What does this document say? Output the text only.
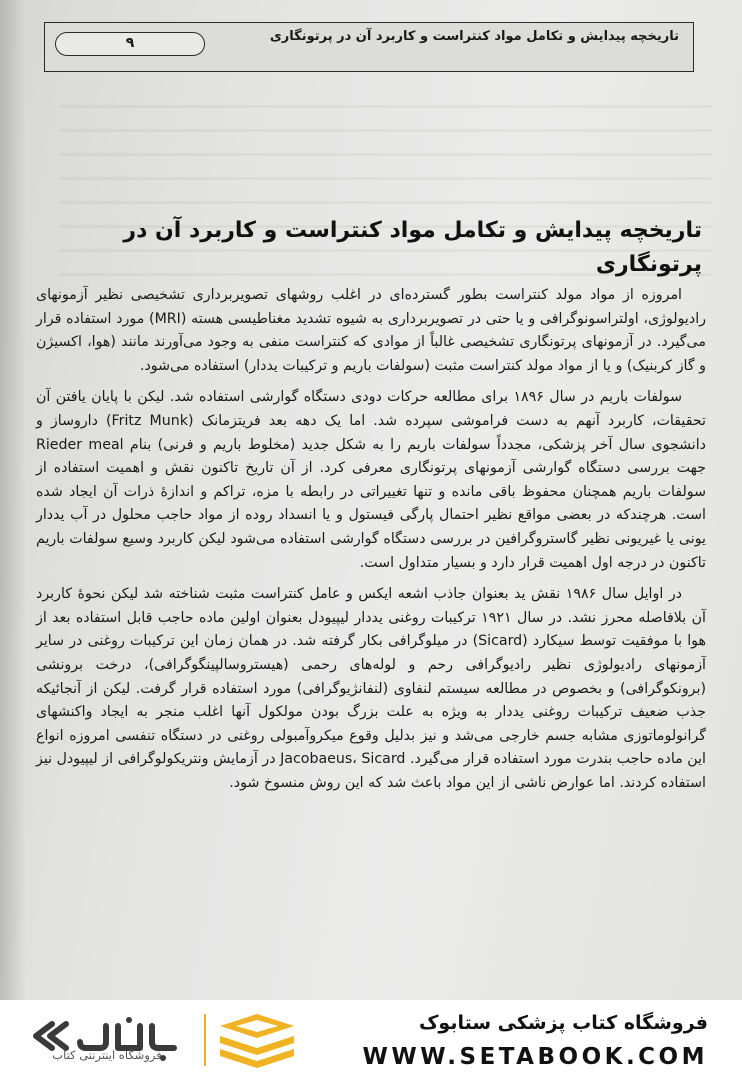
۹	تاریخچه پیدایش و تکامل مواد کنتراست و کاربرد آن در پرتونگاری
تاریخچه پیدایش و تکامل مواد کنتراست و کاربرد آن در پرتونگاری

امروزه از مواد مولد کنتراست بطور گسترده‌ای در اغلب روشهای تصویربرداری تشخیصی نظیر آزمونهای رادیولوژی، اولتراسونوگرافی و یا حتی در تصویربرداری به شیوه تشدید مغناطیسی هسته (MRI) مورد استفاده قرار می‌گیرد. در آزمونهای پرتونگاری تشخیصی غالباً از موادی که کنتراست منفی به وجود می‌آورند مانند (هوا، اکسیژن و گاز کربنیک) و یا از مواد مولد کنتراست مثبت (سولفات باریم و ترکیبات یددار) استفاده می‌شود.

سولفات باریم در سال ۱۸۹۶ برای مطالعه حرکات دودی دستگاه گوارشی استفاده شد. لیکن با پایان یافتن آن تحقیقات، کاربرد آنهم به دست فراموشی سپرده شد. اما یک دهه بعد فریتزمانک (Fritz Munk) داروساز و دانشجوی سال آخر پزشکی، مجدداً سولفات باریم را به شکل جدید (مخلوط باریم و فرنی) بنام Rieder meal جهت بررسی دستگاه گوارشی آزمونهای پرتونگاری معرفی کرد. از آن تاریخ تاکنون نقش و اهمیت استفاده از سولفات باریم همچنان محفوظ باقی مانده و تنها تغییراتی در رابطه با مزه، تراکم و اندازهٔ ذرات آن ایجاد شده است. هرچندکه در بعضی مواقع نظیر احتمال پارگی فیستول و یا انسداد روده از مواد حاجب محلول در آب یددار یونی یا غیریونی نظیر گاستروگرافین در بررسی دستگاه گوارشی استفاده می‌شود لیکن کاربرد وسیع سولفات باریم تاکنون در درجه اول اهمیت قرار دارد و بسیار متداول است.

در اوایل سال ۱۹۸۶ نقش ید بعنوان جاذب اشعه ایکس و عامل کنتراست مثبت شناخته شد لیکن نحوهٔ کاربرد آن بلافاصله محرز نشد. در سال ۱۹۲۱ ترکیبات روغنی یددار لیپیودل بعنوان اولین ماده حاجب قابل استفاده بعد از هوا با موفقیت توسط سیکارد (Sicard) در میلوگرافی بکار گرفته شد. در همان زمان این ترکیبات روغنی در سایر آزمونهای رادیولوژی نظیر رادیوگرافی رحم و لوله‌های رحمی (هیستروسالپینگوگرافی)، درخت برونشی (برونکوگرافی) و بخصوص در مطالعه سیستم لنفاوی (لنفانژیوگرافی) مورد استفاده قرار گرفت. لیکن از آنجائیکه جذب ضعیف ترکیبات روغنی یددار به ویژه به علت بزرگ بودن مولکول آنها اغلب منجر به ایجاد واکنشهای گرانولوماتوزی مشابه جسم خارجی می‌شد و نیز بدلیل وقوع میکروآمبولی روغنی در دستگاه تنفسی امروزه انواع این ماده حاجب بندرت مورد استفاده قرار می‌گیرد. Jacobaeus، Sicard در آزمایش ونتریکولوگرافی از لیپیودل نیز استفاده کردند. اما عوارض ناشی از این مواد باعث شد که این روش منسوخ شود.

فروشگاه اینترنتی کتاب
فروشگاه کتاب پزشکی ستابوک
WWW.SETABOOK.COM
